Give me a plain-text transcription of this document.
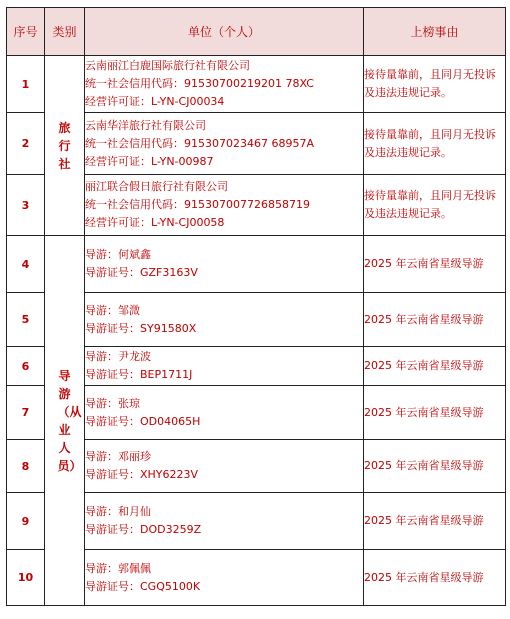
序号	类别	单位（个人）	上榜事由
1	旅行社	云南丽江白鹿国际旅行社有限公司
统一社会信用代码：91530700219201 78XC
经营许可证：L-YN-CJ00034	接待量靠前，且同月无投诉及违法违规记录。
2		云南华洋旅行社有限公司
统一社会信用代码：915307023467 68957A
经营许可证：L-YN-00987	接待量靠前，且同月无投诉及违法违规记录。
3		丽江联合假日旅行社有限公司
统一社会信用代码：915307007726858719
经营许可证：L-YN-CJ00058	接待量靠前，且同月无投诉及违法违规记录。
4	导游（从业人员）	导游：何斌鑫
导游证号：GZF3163V	2025 年云南省星级导游
5		导游：邹溦
导游证号：SY91580X	2025 年云南省星级导游
6		导游：尹龙波
导游证号：BEP1711J	2025 年云南省星级导游
7		导游：张琼
导游证号：OD04065H	2025 年云南省星级导游
8		导游：邓丽珍
导游证号：XHY6223V	2025 年云南省星级导游
9		导游：和月仙
导游证号：DOD3259Z	2025 年云南省星级导游
10		导游：郭佩佩
导游证号：CGQ5100K	2025 年云南省星级导游
